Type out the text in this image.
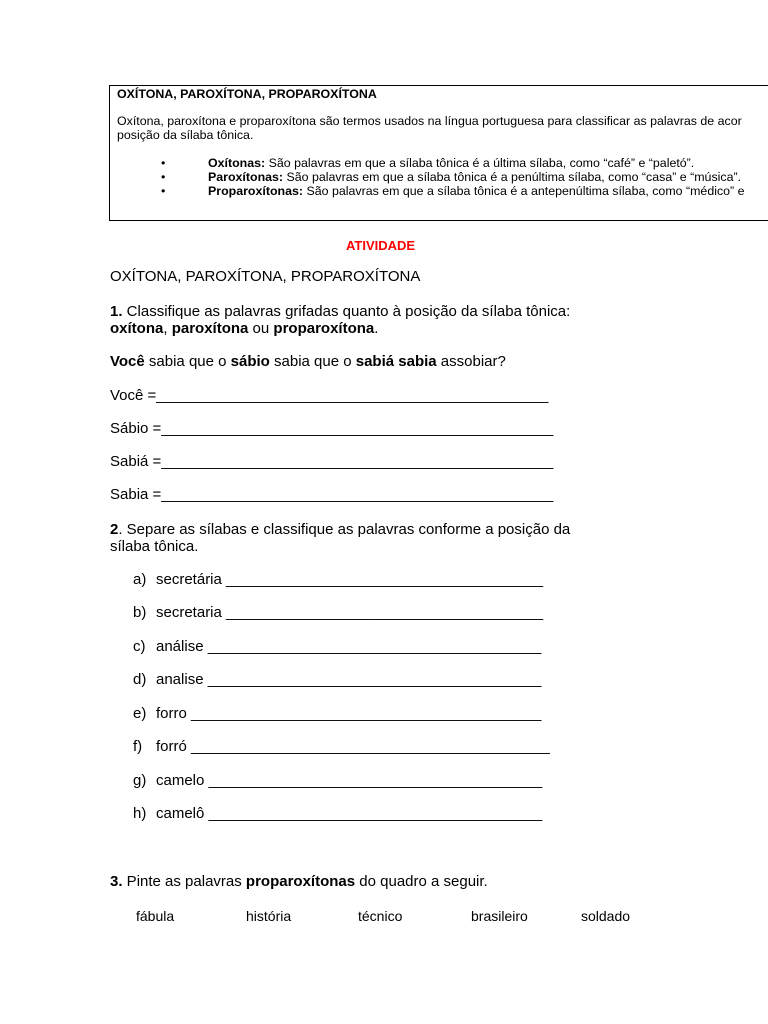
OXÍTONA, PAROXÍTONA, PROPAROXÍTONA
Oxítona, paroxítona e proparoxítona são termos usados na língua portuguesa para classificar as palavras de acor
posição da sílaba tônica.
•	Oxítonas: São palavras em que a sílaba tônica é a última sílaba, como “café” e “paletó”.
•	Paroxítonas: São palavras em que a sílaba tônica é a penúltima sílaba, como “casa” e “música”.
•	Proparoxítonas: São palavras em que a sílaba tônica é a antepenúltima sílaba, como “médico” e
ATIVIDADE
OXÍTONA, PAROXÍTONA, PROPAROXÍTONA
1. Classifique as palavras grifadas quanto à posição da sílaba tônica:
oxítona, paroxítona ou proparoxítona.
Você sabia que o sábio sabia que o sabiá sabia assobiar?
Você =_______________________________________________
Sábio =_______________________________________________
Sabiá =_______________________________________________
Sabia =_______________________________________________
2. Separe as sílabas e classifique as palavras conforme a posição da
sílaba tônica.
a) secretária ______________________________________
b) secretaria ______________________________________
c) análise ________________________________________
d) analise ________________________________________
e) forro __________________________________________
f) forró ___________________________________________
g) camelo ________________________________________
h) camelô ________________________________________
3. Pinte as palavras proparoxítonas do quadro a seguir.
fábula	história	técnico	brasileiro	soldado
